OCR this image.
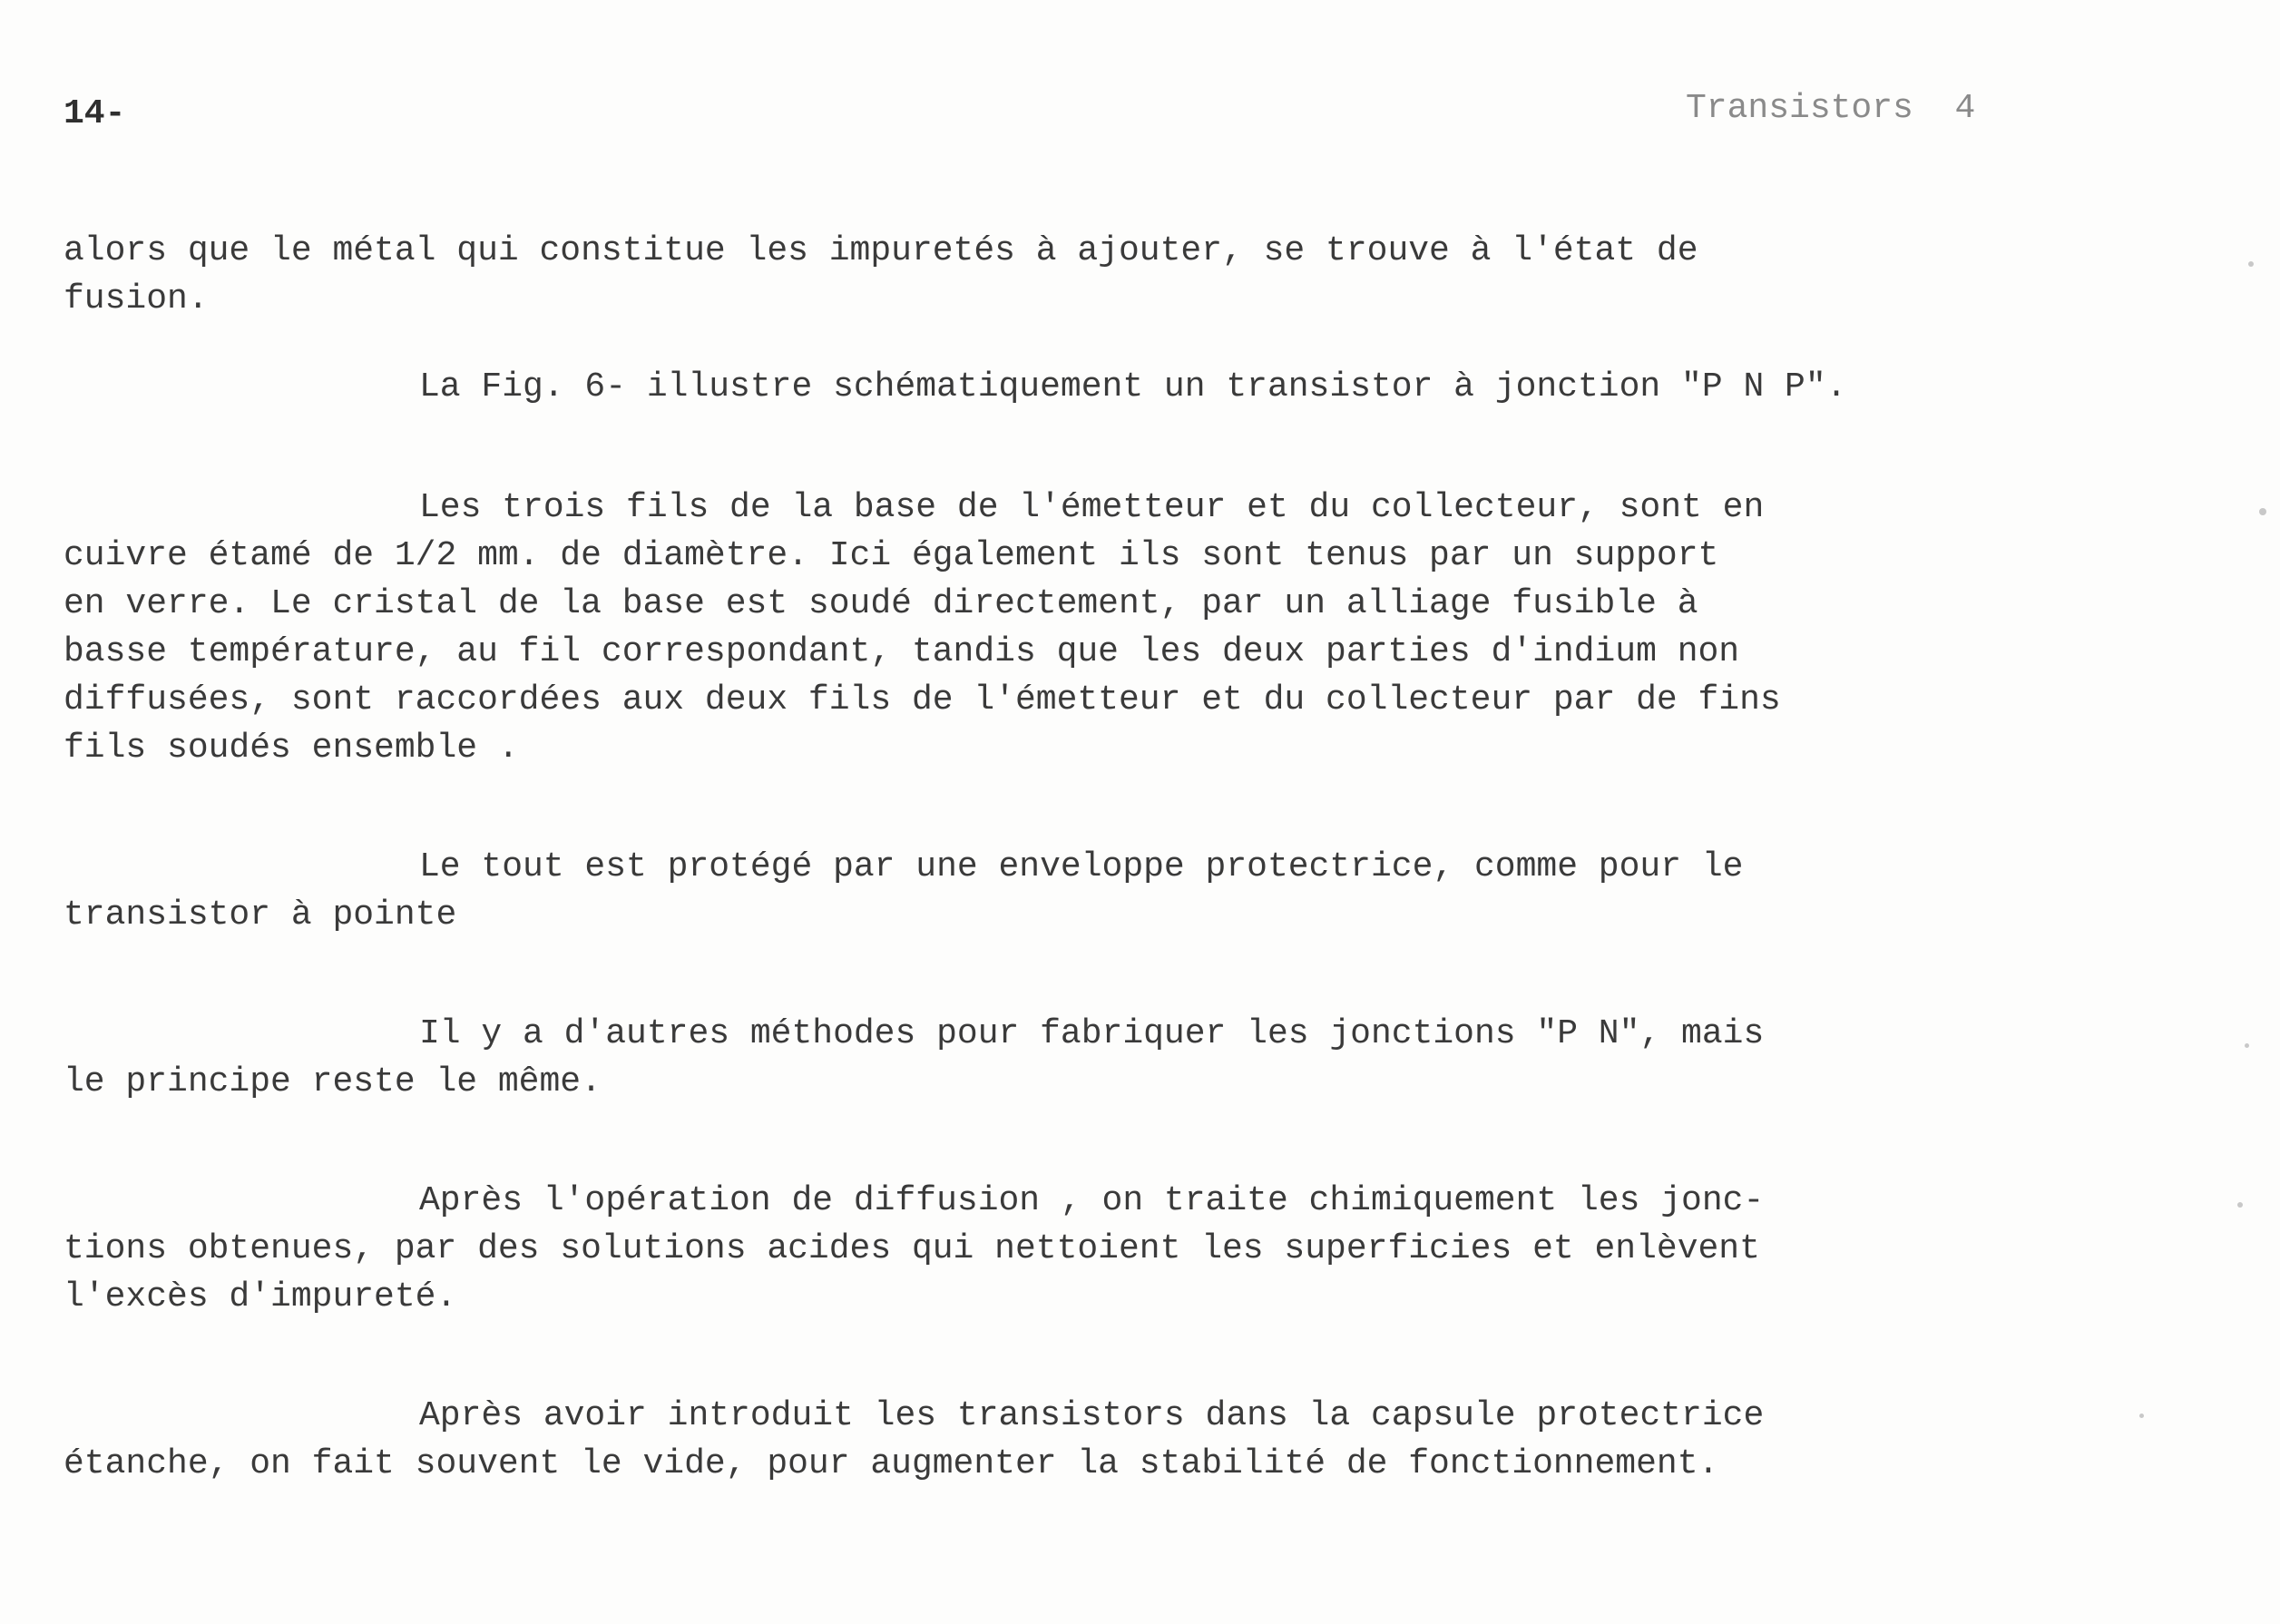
14-	Transistors  4

alors que le métal qui constitue les impuretés à ajouter, se trouve à l'état de
fusion.

La Fig. 6- illustre schématiquement un transistor à jonction "P N P".

Les trois fils de la base de l'émetteur et du collecteur, sont en
cuivre étamé de 1/2 mm. de diamètre. Ici également ils sont tenus par un support
en verre. Le cristal de la base est soudé directement, par un alliage fusible à
basse température, au fil correspondant, tandis que les deux parties d'indium non
diffusées, sont raccordées aux deux fils de l'émetteur et du collecteur par de fins
fils soudés ensemble .

Le tout est protégé par une enveloppe protectrice, comme pour le
transistor à pointe

Il y a d'autres méthodes pour fabriquer les jonctions "P N", mais
le principe reste le même.

Après l'opération de diffusion , on traite chimiquement les jonc-
tions obtenues, par des solutions acides qui nettoient les superficies et enlèvent
l'excès d'impureté.

Après avoir introduit les transistors dans la capsule protectrice
étanche, on fait souvent le vide, pour augmenter la stabilité de fonctionnement.
